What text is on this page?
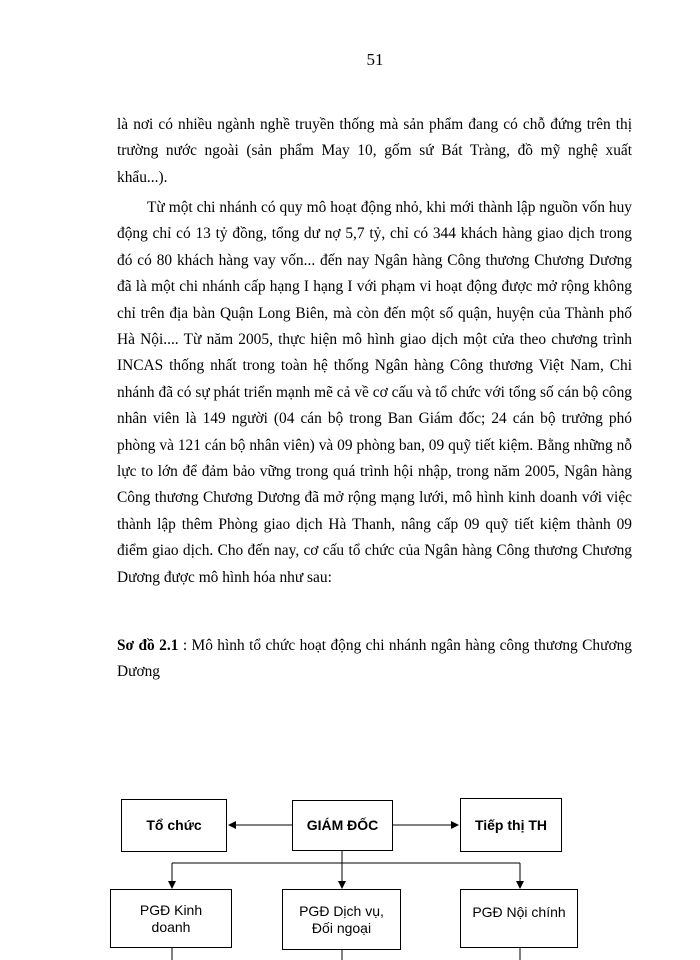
51
là nơi có nhiều ngành nghề truyền thống mà sản phẩm đang có chỗ đứng trên thị trường nước ngoài (sản phẩm May 10, gốm sứ Bát Tràng, đồ mỹ nghệ xuất khẩu...).
Từ một chi nhánh có quy mô hoạt động nhỏ, khi mới thành lập nguồn vốn huy động chỉ có 13 tỷ đồng, tổng dư nợ 5,7 tỷ, chỉ có 344 khách hàng giao dịch trong đó có 80 khách hàng vay vốn... đến nay Ngân hàng Công thương Chương Dương đã là một chi nhánh cấp hạng I hạng I với phạm vi hoạt động được mở rộng không chỉ trên địa bàn Quận Long Biên, mà còn đến một số quận, huyện của Thành phố Hà Nội.... Từ năm 2005, thực hiện mô hình giao dịch một cửa theo chương trình INCAS thống nhất trong toàn hệ thống Ngân hàng Công thương Việt Nam, Chi nhánh đã có sự phát triển mạnh mẽ cả về cơ cấu và tổ chức với tổng số cán bộ công nhân viên là 149 người (04 cán bộ trong Ban Giám đốc; 24 cán bộ trưởng phó phòng và 121 cán bộ nhân viên) và 09 phòng ban, 09 quỹ tiết kiệm. Bằng những nỗ lực to lớn để đảm bảo vững trong quá trình hội nhập, trong năm 2005, Ngân hàng Công thương Chương Dương đã mở rộng mạng lưới, mô hình kinh doanh với việc thành lập thêm Phòng giao dịch Hà Thanh, nâng cấp 09 quỹ tiết kiệm thành 09 điểm giao dịch. Cho đến nay, cơ cấu tổ chức của Ngân hàng Công thương Chương Dương được mô hình hóa như sau:
Sơ đồ 2.1 : Mô hình tổ chức hoạt động chi nhánh ngân hàng công thương Chương Dương
Tổ chức	GIÁM ĐỐC	Tiếp thị TH
PGĐ Kinh
doanh
PGĐ Dịch vụ,
Đối ngoại
PGĐ Nội chính
